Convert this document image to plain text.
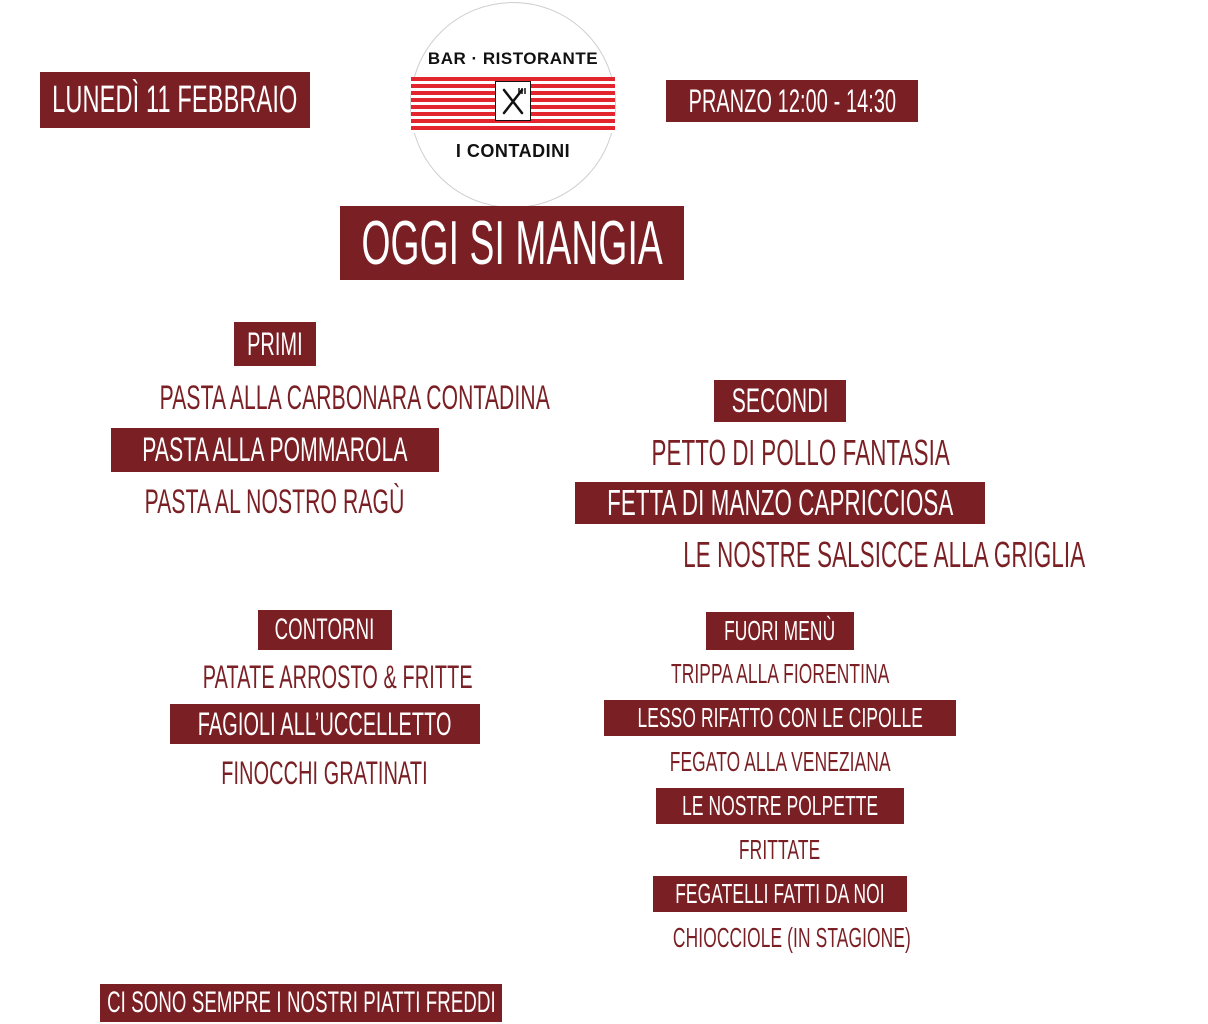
LUNEDÌ 11 FEBBRAIO	PRANZO 12:00 - 14:30
BAR · RISTORANTE
I CONTADINI
OGGI SI MANGIA
PRIMI
PASTA ALLA CARBONARA CONTADINA
PASTA ALLA POMMAROLA
PASTA AL NOSTRO RAGÙ
SECONDI
PETTO DI POLLO FANTASIA
FETTA DI MANZO CAPRICCIOSA
LE NOSTRE SALSICCE ALLA GRIGLIA
CONTORNI
PATATE ARROSTO & FRITTE
FAGIOLI ALL’UCCELLETTO
FINOCCHI GRATINATI
FUORI MENÙ
TRIPPA ALLA FIORENTINA
LESSO RIFATTO CON LE CIPOLLE
FEGATO ALLA VENEZIANA
LE NOSTRE POLPETTE
FRITTATE
FEGATELLI FATTI DA NOI
CHIOCCIOLE (IN STAGIONE)
CI SONO SEMPRE I NOSTRI PIATTI FREDDI
